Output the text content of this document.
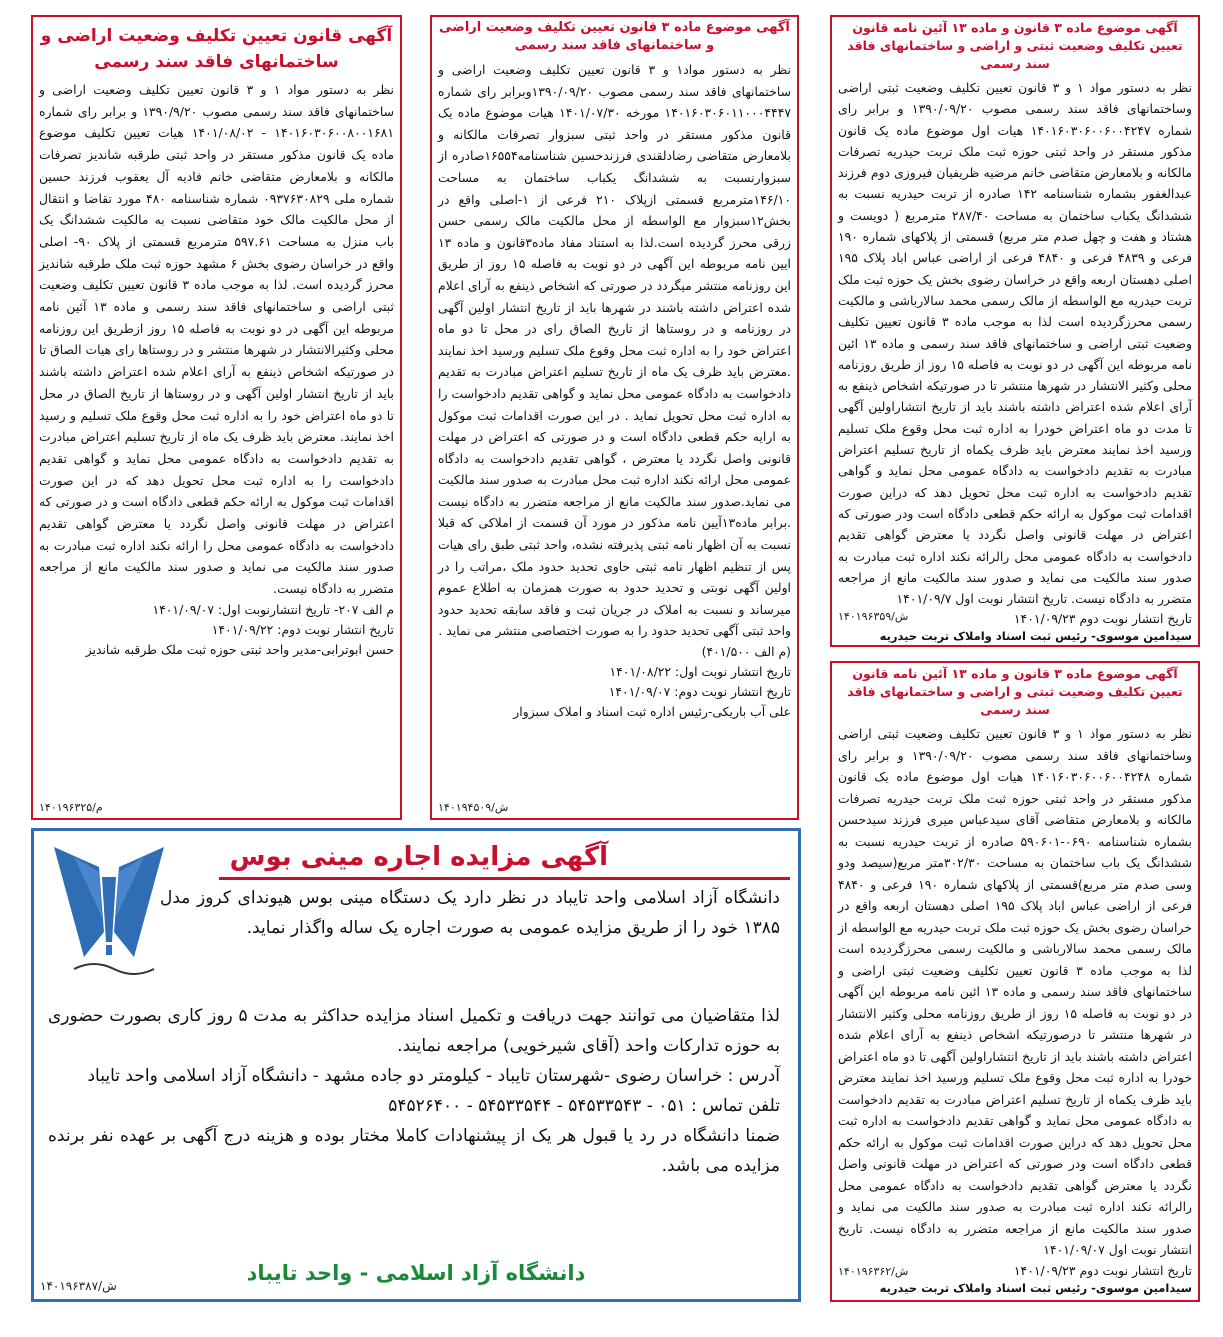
آگهی قانون تعیین تکلیف وضعیت اراضی و ساختمانهای فاقد سند رسمی

نظر به دستور مواد ۱ و ۳ قانون تعیین تکلیف وضعیت اراضی و ساختمانهای فاقد سند رسمی مصوب ۱۳۹۰/۹/۲۰ و برابر رای شماره ۱۴۰۱۶۰۳۰۶۰۰۸۰۰۱۶۸۱ - ۱۴۰۱/۰۸/۰۲ هیات تعیین تکلیف موضوع ماده یک قانون مذکور مستقر در واحد ثبتی طرقبه شاندیز تصرفات مالکانه و بلامعارض متقاضی خانم فادیه آل یعقوب فرزند حسین شماره ملی ۰۹۳۷۶۳۰۸۲۹ شماره شناسنامه ۴۸۰ مورد تقاضا و انتقال از محل مالکیت مالک خود متقاضی نسبت به مالکیت ششدانگ یک باب منزل به مساحت ۵۹۷.۶۱ مترمربع قسمتی از پلاک ۹۰- اصلی واقع در خراسان رضوی بخش ۶ مشهد حوزه ثبت ملک طرقبه شاندیز محرز گردیده است. لذا به موجب ماده ۳ قانون تعیین تکلیف وضعیت ثبتی اراضی و ساختمانهای فاقد سند رسمی و ماده ۱۳ آئین نامه مربوطه این آگهی در دو نوبت به فاصله ۱۵ روز ازطریق این روزنامه محلی وکثیرالانتشار در شهرها منتشر و در روستاها رای هیات الصاق تا در صورتیکه اشخاص ذینفع به آرای اعلام شده اعتراض داشته باشند باید از تاریخ انتشار اولین آگهی و در روستاها از تاریخ الصاق در محل تا دو ماه اعتراض خود را به اداره ثبت محل وقوع ملک تسلیم و رسید اخذ نمایند. معترض باید ظرف یک ماه از تاریخ تسلیم اعتراض مبادرت به تقدیم دادخواست به دادگاه عمومی محل نماید و گواهی تقدیم دادخواست را به اداره ثبت محل تحویل دهد که در این صورت اقدامات ثبت موکول به ارائه حکم قطعی دادگاه است و در صورتی که اعتراض در مهلت قانونی واصل نگردد یا معترض گواهی تقدیم دادخواست به دادگاه عمومی محل را ارائه نکند اداره ثبت مبادرت به صدور سند مالکیت می نماید و صدور سند مالکیت مانع از مراجعه متضرر به دادگاه نیست.

م الف ۲۰۷- تاریخ انتشارنوبت اول: ۱۴۰۱/۰۹/۰۷

تاریخ انتشار نوبت دوم: ۱۴۰۱/۰۹/۲۲

حسن ابوترابی-مدیر واحد ثبتی حوزه ثبت ملک طرقبه شاندیز

۱۴۰۱۹۶۳۲۵/م
آگهی موضوع ماده ۳ قانون تعیین تکلیف وضعیت اراضی و ساختمانهای فاقد سند رسمی

نظر به دستور مواد۱ و ۳ قانون تعیین تکلیف وضعیت اراضی و ساختمانهای فاقد سند رسمی مصوب ۱۳۹۰/۰۹/۲۰وبرابر رای شماره ۱۴۰۱۶۰۳۰۶۰۱۱۰۰۰۴۴۴۷ مورخه ۱۴۰۱/۰۷/۳۰ هیات موضوع ماده یک قانون مذکور مستقر در واحد ثبتی سبزوار تصرفات مالکانه و بلامعارض متقاضی رضادلقندی فرزندحسین شناسنامه۱۶۵۵۴صادره از سبزوارنسبت به ششدانگ یکباب ساختمان به مساحت ۱۴۶/۱۰مترمربع قسمتی ازپلاک ۲۱۰ فرعی از ۱-اصلی واقع در بخش۱۲سبزوار مع الواسطه از محل مالکیت مالک رسمی حسن زرقی محرز گردیده است.لذا به استناد مفاد ماده۳قانون و ماده ۱۳ ایین نامه مربوطه این آگهی در دو نوبت به فاصله ۱۵ روز از طریق این روزنامه منتشر میگردد در صورتی که اشخاص ذینفع به آرای اعلام شده اعتراض داشته باشند در شهرها باید از تاریخ انتشار اولین آگهی در روزنامه و در روستاها از تاریخ الصاق رای در محل تا دو ماه اعتراض خود را به اداره ثبت محل وقوع ملک تسلیم ورسید اخذ نمایند .معترض باید ظرف یک ماه از تاریخ تسلیم اعتراض مبادرت به تقدیم دادخواست به دادگاه عمومی محل نماید و گواهی تقدیم دادخواست را به اداره ثبت محل تحویل نماید . در این صورت اقدامات ثبت موکول به ارایه حکم قطعی دادگاه است و در صورتی که اعتراض در مهلت قانونی واصل نگردد یا معترض ، گواهی تقدیم دادخواست به دادگاه عمومی محل ارائه نکند اداره ثبت محل مبادرت به صدور سند مالکیت می نماید.صدور سند مالکیت مانع از مراجعه متضرر به دادگاه نیست .برابر ماده۱۳آیین نامه مذکور در مورد آن قسمت از املاکی که قبلا نسبت به آن اظهار نامه ثبتی پذیرفته نشده، واحد ثبتی طبق رای هیات پس از تنظیم اظهار نامه ثبتی حاوی تحدید حدود ملک ،مراتب را در اولین آگهی نوبتی و تحدید حدود به صورت همزمان به اطلاع عموم میرساند و نسبت به املاک در جریان ثبت و فاقد سابقه تحدید حدود واحد ثبتی آگهی تحدید حدود را به صورت اختصاصی منتشر می نماید .

(م الف ۴۰۱/۵۰۰)

تاریخ انتشار نوبت اول: ۱۴۰۱/۰۸/۲۲

تاریخ انتشار نوبت دوم: ۱۴۰۱/۰۹/۰۷

علی آب باریکی-رئیس اداره ثبت اسناد و املاک سبزوار

۱۴۰۱۹۴۵۰۹/ش
آگهی موضوع ماده ۳ قانون و ماده ۱۳ آئین نامه قانون تعیین تکلیف وضعیت ثبتی و اراضی و ساختمانهای فاقد سند رسمی

نظر به دستور مواد ۱ و ۳ قانون تعیین تکلیف وضعیت ثبتی اراضی وساختمانهای فاقد سند رسمی مصوب ۱۳۹۰/۰۹/۲۰ و برابر رای شماره ۱۴۰۱۶۰۳۰۶۰۰۶۰۰۴۲۴۷ هیات اول موضوع ماده یک قانون مذکور مستقر در واحد ثبتی حوزه ثبت ملک تربت حیدریه تصرفات مالکانه و بلامعارض متقاضی خانم مرضیه ظریفیان فیروزی دوم فرزند عبدالغفور بشماره شناسنامه ۱۴۲ صادره از تربت حیدریه نسبت به ششدانگ یکباب ساختمان به مساحت ۲۸۷/۴۰ مترمربع ( دویست و هشتاد و هفت و چهل صدم متر مربع) قسمتی از پلاکهای شماره ۱۹۰ فرعی و ۴۸۳۹ فرعی و ۴۸۴۰ فرعی از اراضی عباس اباد پلاک ۱۹۵ اصلی دهستان اربعه واقع در خراسان رضوی بخش یک حوزه ثبت ملک تربت حیدریه مع الواسطه از مالک رسمی محمد سالارباشی و مالکیت رسمی محرزگردیده است لذا به موجب ماده ۳ قانون تعیین تکلیف وضعیت ثبتی اراضی و ساختمانهای فاقد سند رسمی و ماده ۱۳ ائین نامه مربوطه این آگهی در دو نوبت به فاصله ۱۵ روز از طریق روزنامه محلی وکثیر الانتشار در شهرها منتشر تا در صورتیکه اشخاص ذینفع به آرای اعلام شده اعتراض داشته باشند باید از تاریخ انتشاراولین آگهی تا مدت دو ماه اعتراض خودرا به اداره ثبت محل وقوع ملک تسلیم ورسید اخذ نمایند معترض باید ظرف یکماه از تاریخ تسلیم اعتراض مبادرت به تقدیم دادخواست به دادگاه عمومی محل نماید و گواهی تقدیم دادخواست به اداره ثبت محل تحویل دهد که دراین صورت اقدامات ثبت موکول به ارائه حکم قطعی دادگاه است ودر صورتی که اعتراض در مهلت قانونی واصل نگردد یا معترض گواهی تقدیم دادخواست به دادگاه عمومی محل رالرائه نکند اداره ثبت مبادرت به صدور سند مالکیت می نماید و صدور سند مالکیت مانع از مراجعه متضرر به دادگاه نیست. تاریخ انتشار نوبت اول ۱۴۰۱/۰۹/۷

تاریخ انتشار نوبت دوم ۱۴۰۱/۰۹/۲۳

سیدامین موسوی- رئیس ثبت اسناد واملاک تربت حیدریه
۱۴۰۱۹۶۳۵۹/ش
آگهی موضوع ماده ۳ قانون و ماده ۱۳ آئین نامه قانون تعیین تکلیف وضعیت ثبتی و اراضی و ساختمانهای فاقد سند رسمی

نظر به دستور مواد ۱ و ۳ قانون تعیین تکلیف وضعیت ثبتی اراضی وساختمانهای فاقد سند رسمی مصوب ۱۳۹۰/۰۹/۲۰ و برابر رای شماره ۱۴۰۱۶۰۳۰۶۰۰۶۰۰۴۲۴۸ هیات اول موضوع ماده یک قانون مذکور مستقر در واحد ثبتی حوزه ثبت ملک تربت حیدریه تصرفات مالکانه و بلامعارض متقاضی آقای سیدعباس میری فرزند سیدحسن بشماره شناسنامه ۰۶۹۰-۵۹۰۶۰۱ صادره از تربت حیدریه نسبت به ششدانگ یک باب ساختمان به مساحت ۳۰۲/۳۰متر مربع(سیصد ودو وسی صدم متر مربع)قسمتی از پلاکهای شماره ۱۹۰ فرعی و ۴۸۴۰ فرعی از اراضی عباس اباد پلاک ۱۹۵ اصلی دهستان اربعه واقع در خراسان رضوی بخش یک حوزه ثبت ملک تربت حیدریه مع الواسطه از مالک رسمی محمد سالارباشی و مالکیت رسمی محرزگردیده است لذا به موجب ماده ۳ قانون تعیین تکلیف وضعیت ثبتی اراضی و ساختمانهای فاقد سند رسمی و ماده ۱۳ ائین نامه مربوطه این آگهی در دو نوبت به فاصله ۱۵ روز از طریق روزنامه محلی وکثیر الانتشار در شهرها منتشر تا درصورتیکه اشخاص ذینفع به آرای اعلام شده اعتراض داشته باشند باید از تاریخ انتشاراولین آگهی تا دو ماه اعتراض خودرا به اداره ثبت محل وقوع ملک تسلیم ورسید اخذ نمایند معترض باید ظرف یکماه از تاریخ تسلیم اعتراض مبادرت به تقدیم دادخواست به دادگاه عمومی محل نماید و گواهی تقدیم دادخواست به اداره ثبت محل تحویل دهد که دراین صورت اقدامات ثبت موکول به ارائه حکم قطعی دادگاه است ودر صورتی که اعتراض در مهلت قانونی واصل نگردد یا معترض گواهی تقدیم دادخواست به دادگاه عمومی محل رالرائه نکند اداره ثبت مبادرت به صدور سند مالکیت می نماید و صدور سند مالکیت مانع از مراجعه متضرر به دادگاه نیست. تاریخ انتشار نوبت اول ۱۴۰۱/۰۹/۰۷

تاریخ انتشار نوبت دوم ۱۴۰۱/۰۹/۲۳

سیدامین موسوی- رئیس ثبت اسناد واملاک تربت حیدریه
۱۴۰۱۹۶۳۶۲/ش
آگهی مزایده اجاره مینی بوس

دانشگاه آزاد اسلامی واحد تایباد در نظر دارد یک دستگاه مینی بوس هیوندای کروز مدل ۱۳۸۵ خود را از طریق مزایده عمومی به صورت اجاره یک ساله واگذار نماید.

لذا متقاضیان می توانند جهت دریافت و تکمیل اسناد مزایده حداکثر به مدت ۵ روز کاری بصورت حضوری به حوزه تدارکات واحد (آقای شیرخویی) مراجعه نمایند.
آدرس : خراسان رضوی -شهرستان تایباد - کیلومتر دو جاده مشهد - دانشگاه آزاد اسلامی واحد تایباد
تلفن تماس : ۰۵۱ - ۵۴۵۳۳۵۴۳ - ۵۴۵۳۳۵۴۴ - ۵۴۵۲۶۴۰۰
ضمنا دانشگاه در رد یا قبول هر یک از پیشنهادات کاملا مختار بوده و هزینه درج آگهی بر عهده نفر برنده مزایده می باشد.
دانشگاه آزاد اسلامی - واحد تایباد
۱۴۰۱۹۶۳۸۷/ش
